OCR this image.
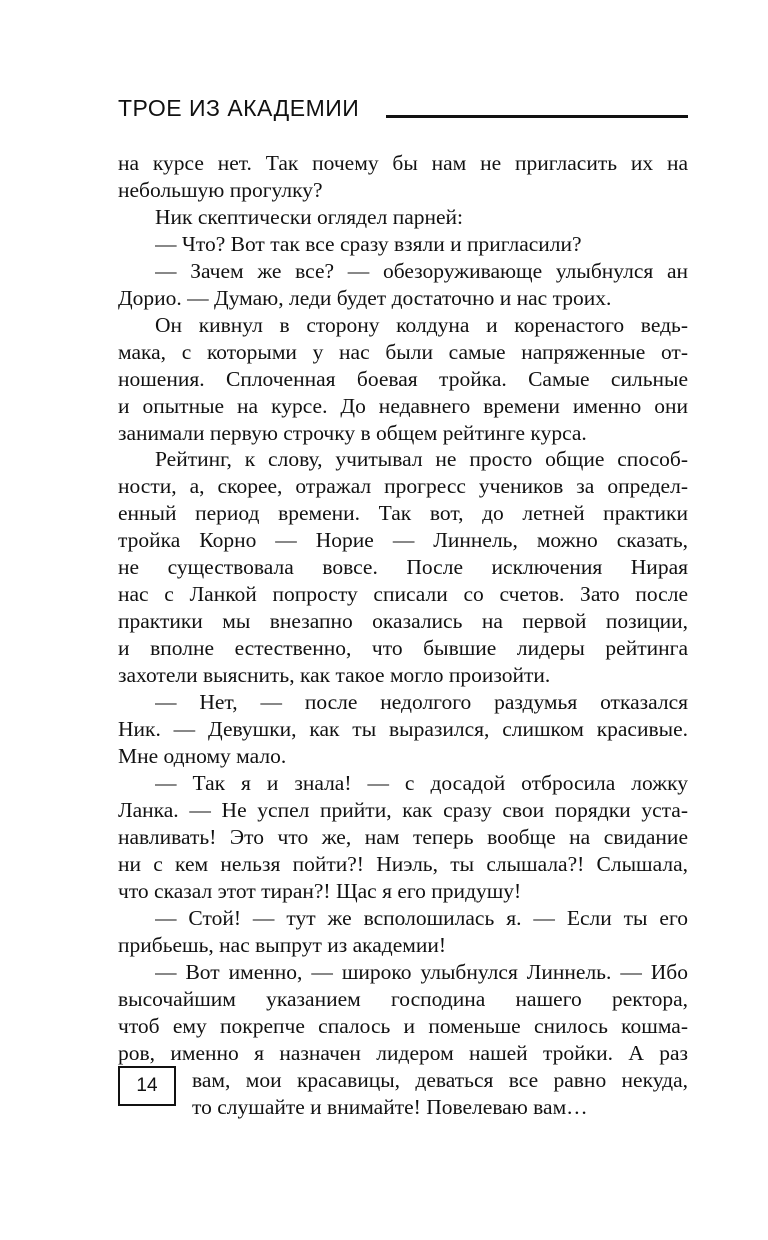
ТРОЕ ИЗ АКАДЕМИИ
на курсе нет. Так почему бы нам не пригласить их на
небольшую прогулку?
Ник скептически оглядел парней:
— Что? Вот так все сразу взяли и пригласили?
— Зачем же все? — обезоруживающе улыбнулся ан
Дорио. — Думаю, леди будет достаточно и нас троих.
Он кивнул в сторону колдуна и коренастого ведь-
мака, с которыми у нас были самые напряженные от-
ношения. Сплоченная боевая тройка. Самые сильные
и опытные на курсе. До недавнего времени именно они
занимали первую строчку в общем рейтинге курса.
Рейтинг, к слову, учитывал не просто общие способ-
ности, а, скорее, отражал прогресс учеников за определ-
енный период времени. Так вот, до летней практики
тройка Корно — Норие — Линнель, можно сказать,
не существовала вовсе. После исключения Нирая
нас с Ланкой попросту списали со счетов. Зато после
практики мы внезапно оказались на первой позиции,
и вполне естественно, что бывшие лидеры рейтинга
захотели выяснить, как такое могло произойти.
— Нет, — после недолгого раздумья отказался
Ник. — Девушки, как ты выразился, слишком красивые.
Мне одному мало.
— Так я и знала! — с досадой отбросила ложку
Ланка. — Не успел прийти, как сразу свои порядки уста-
навливать! Это что же, нам теперь вообще на свидание
ни с кем нельзя пойти?! Ниэль, ты слышала?! Слышала,
что сказал этот тиран?! Щас я его придушу!
— Стой! — тут же всполошилась я. — Если ты его
прибьешь, нас выпрут из академии!
— Вот именно, — широко улыбнулся Линнель. — Ибо
высочайшим указанием господина нашего ректора,
чтоб ему покрепче спалось и поменьше снилось кошма-
ров, именно я назначен лидером нашей тройки. А раз
вам, мои красавицы, деваться все равно некуда,
то слушайте и внимайте! Повелеваю вам…
14
